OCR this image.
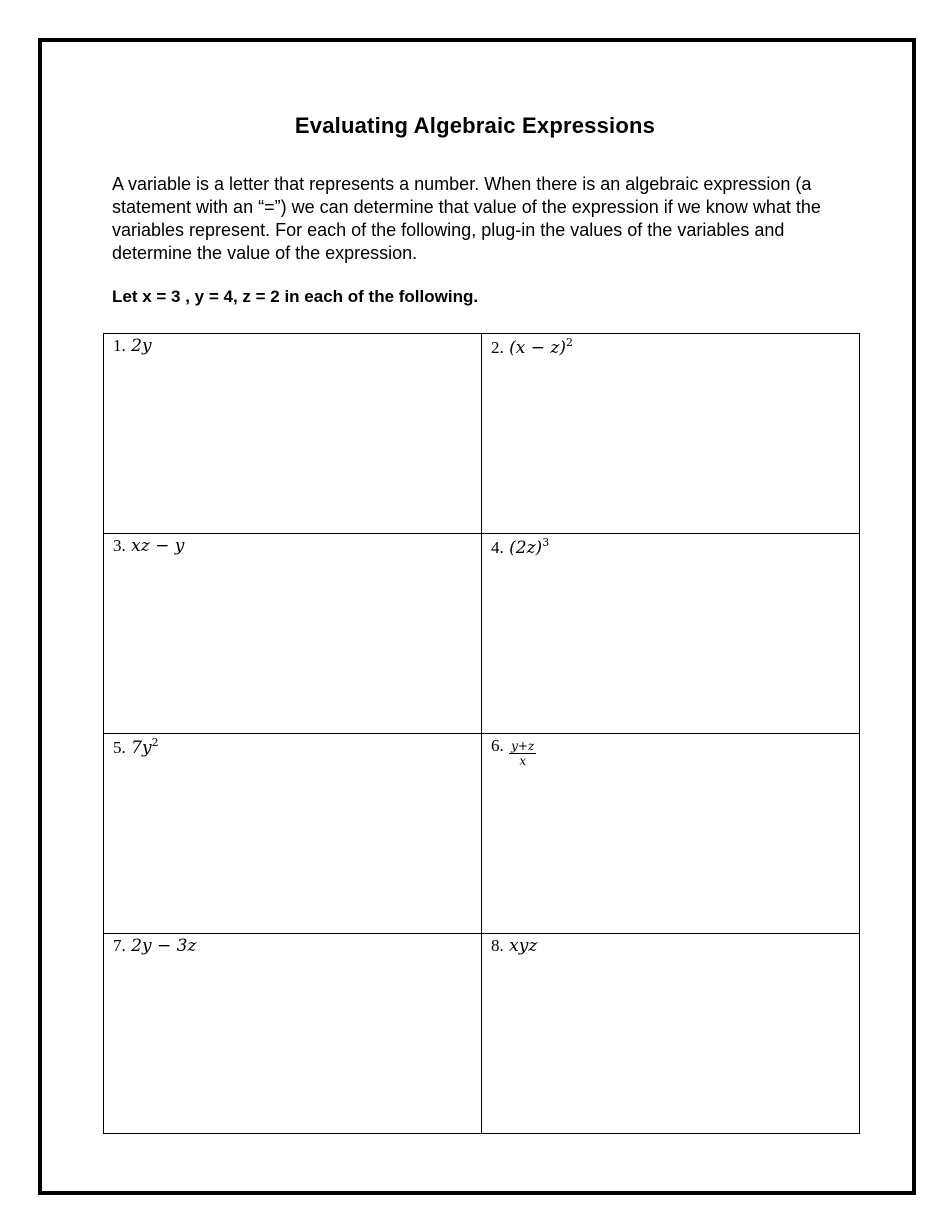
Evaluating Algebraic Expressions
A variable is a letter that represents a number. When there is an algebraic expression (a statement with an “=”) we can determine that value of the expression if we know what the variables represent. For each of the following, plug-in the values of the variables and determine the value of the expression.
Let x = 3 , y = 4, z = 2 in each of the following.
1. 2y	2. $(x - z)^2$
3. xz − y	4. $(2z)^3$
5. $7y^2$	6. $\frac{y+z}{x}$

7. 2y − 3z	8. xyz
